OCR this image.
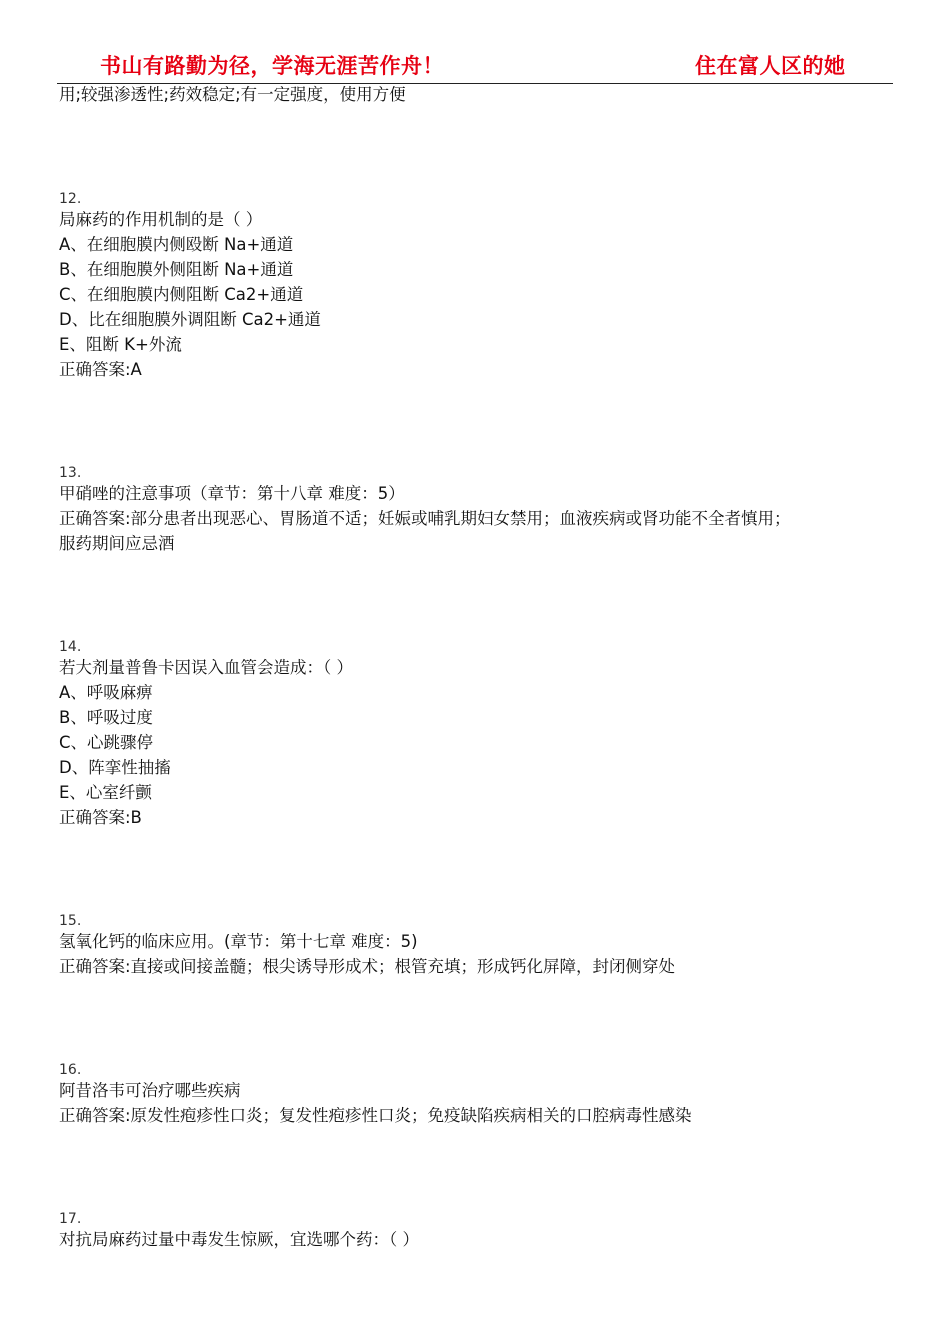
书山有路勤为径，学海无涯苦作舟！	住在富人区的她
用;较强渗透性;药效稳定;有一定强度，使用方便
12.
局麻药的作用机制的是（ ）
A、在细胞膜内侧殴断 Na+通道
B、在细胞膜外侧阻断 Na+通道
C、在细胞膜内侧阻断 Ca2+通道
D、比在细胞膜外调阻断 Ca2+通道
E、阻断 K+外流
正确答案:A
13.
甲硝唑的注意事项（章节：第十八章 难度：5）
正确答案:部分患者出现恶心、胃肠道不适；妊娠或哺乳期妇女禁用；血液疾病或肾功能不全者慎用；
服药期间应忌酒
14.
若大剂量普鲁卡因误入血管会造成：（ ）
A、呼吸麻痹
B、呼吸过度
C、心跳骤停
D、阵挛性抽搐
E、心室纤颤
正确答案:B
15.
氢氧化钙的临床应用。(章节：第十七章 难度：5)
正确答案:直接或间接盖髓；根尖诱导形成术；根管充填；形成钙化屏障，封闭侧穿处
16.
阿昔洛韦可治疗哪些疾病
正确答案:原发性疱疹性口炎；复发性疱疹性口炎；免疫缺陷疾病相关的口腔病毒性感染
17.
对抗局麻药过量中毒发生惊厥，宜选哪个药：（ ）
